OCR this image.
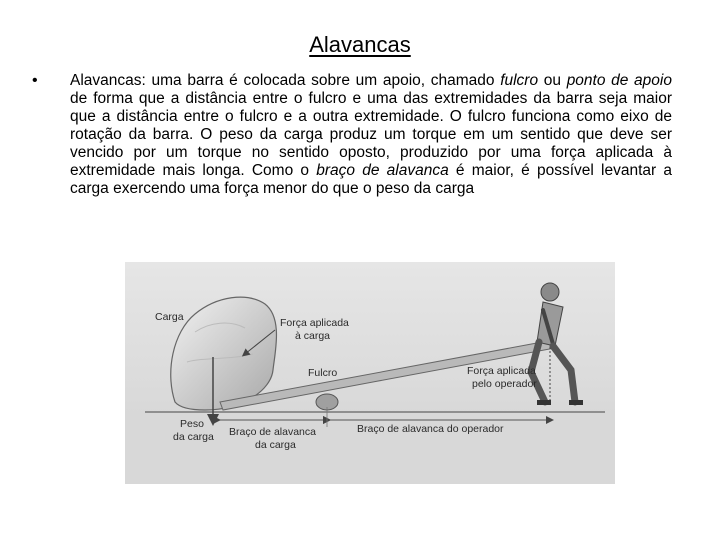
Alavancas
• Alavancas: uma barra é colocada sobre um apoio, chamado fulcro ou ponto de apoio de forma que a distância entre o fulcro e uma das extremidades da barra seja maior que a distância entre o fulcro e a outra extremidade. O fulcro funciona como eixo de rotação da barra. O peso da carga produz um torque em um sentido que deve ser vencido por um torque no sentido oposto, produzido por uma força aplicada à extremidade mais longa. Como o braço de alavanca é maior, é possível levantar a carga exercendo uma força menor do que o peso da carga
Carga	Força aplicada
à carga
Fulcro	Força aplicada
pelo operador
Peso
da carga Braço de alavanca
da carga
Braço de alavanca do operador
